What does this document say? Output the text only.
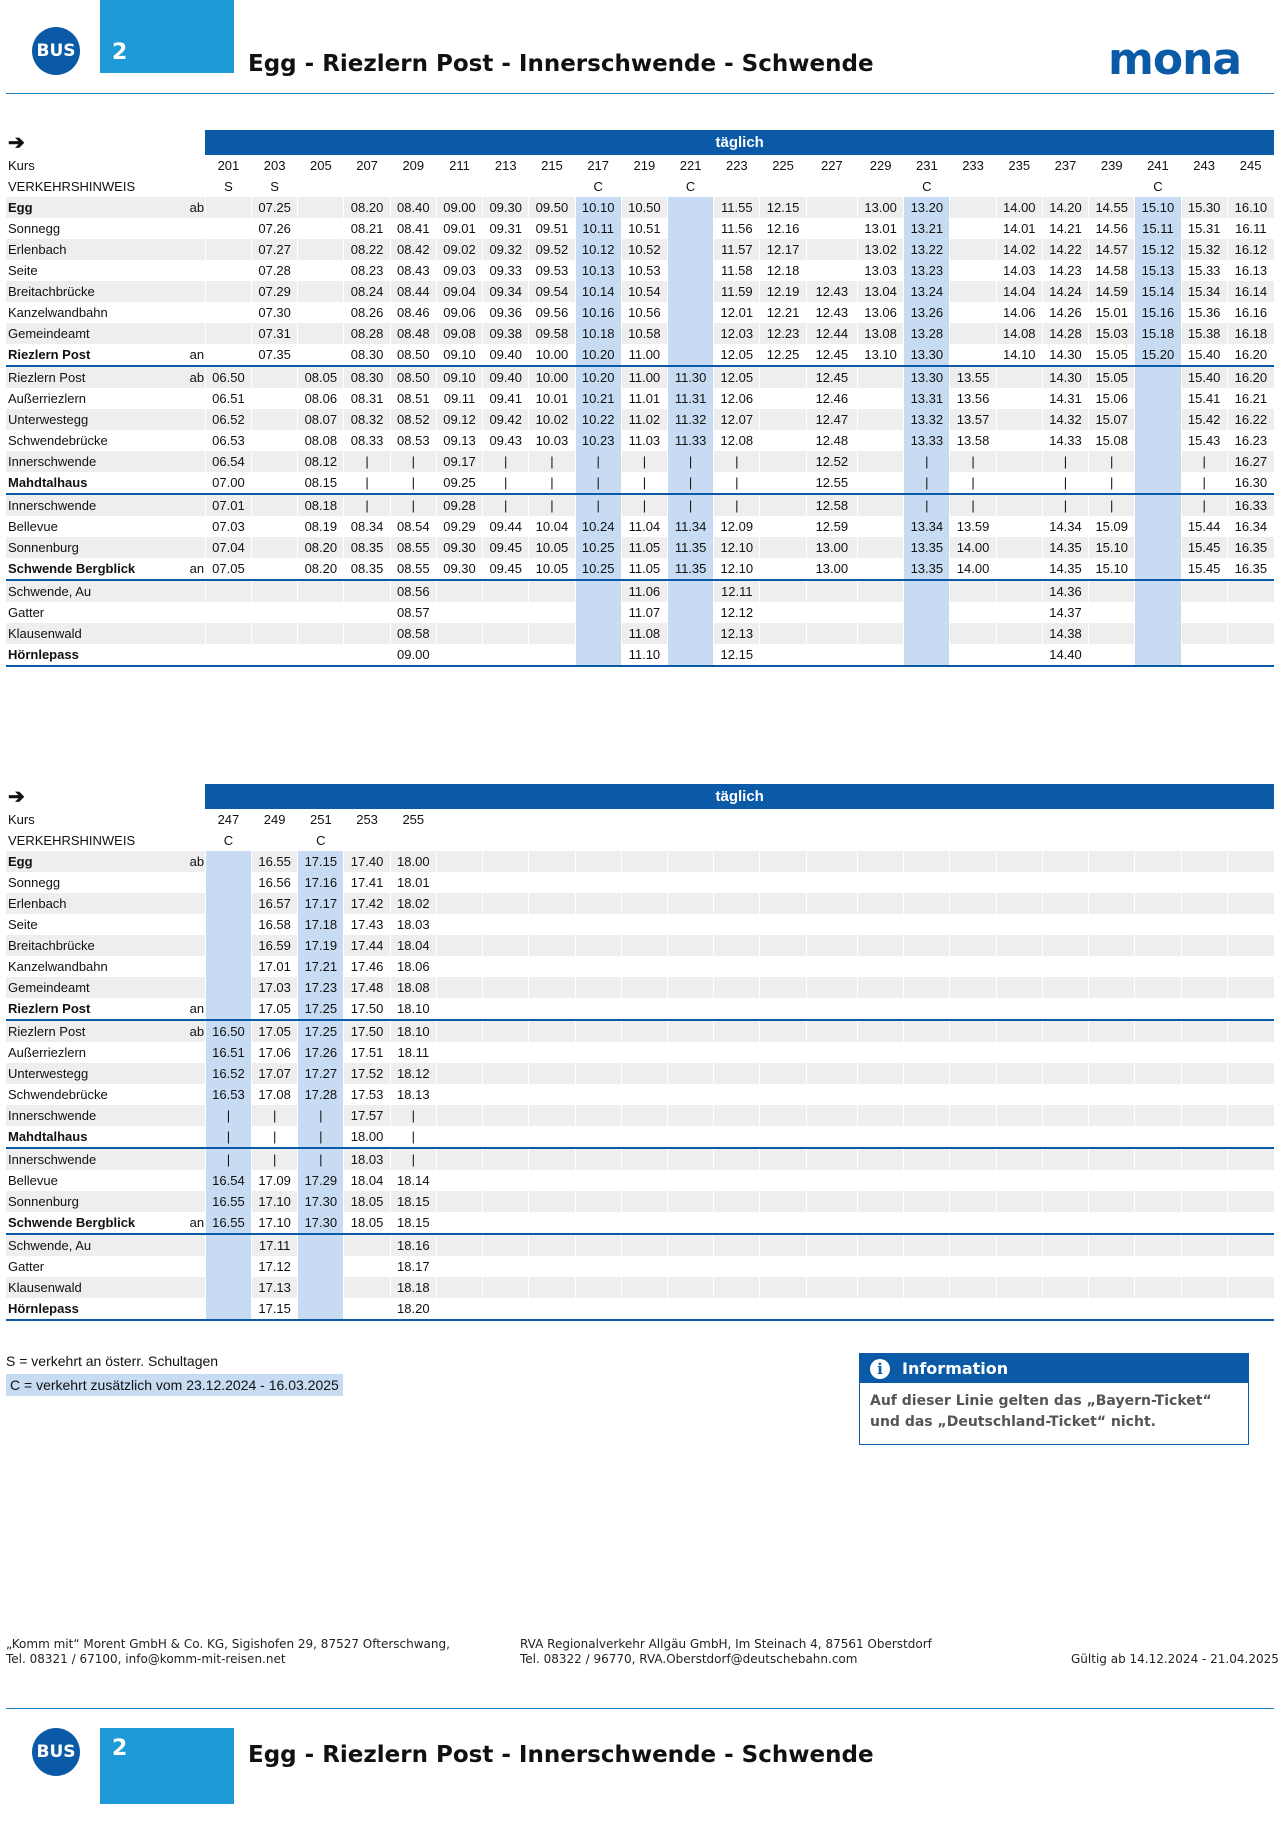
BUS 2	Egg - Riezlern Post - Innerschwende - Schwende	mona
➔		täglich																						
Kurs		201	203	205	207	209	211	213	215	217	219	221	223	225	227	229	231	233	235	237	239	241	243	245
VERKEHRSHINWEIS		S	S							C		C					C					C		
Egg	ab		07.25		08.20	08.40	09.00	09.30	09.50	10.10	10.50		11.55	12.15		13.00	13.20		14.00	14.20	14.55	15.10	15.30	16.10
Sonnegg			07.26		08.21	08.41	09.01	09.31	09.51	10.11	10.51		11.56	12.16		13.01	13.21		14.01	14.21	14.56	15.11	15.31	16.11
Erlenbach			07.27		08.22	08.42	09.02	09.32	09.52	10.12	10.52		11.57	12.17		13.02	13.22		14.02	14.22	14.57	15.12	15.32	16.12
Seite			07.28		08.23	08.43	09.03	09.33	09.53	10.13	10.53		11.58	12.18		13.03	13.23		14.03	14.23	14.58	15.13	15.33	16.13
Breitachbrücke			07.29		08.24	08.44	09.04	09.34	09.54	10.14	10.54		11.59	12.19	12.43	13.04	13.24		14.04	14.24	14.59	15.14	15.34	16.14
Kanzelwandbahn			07.30		08.26	08.46	09.06	09.36	09.56	10.16	10.56		12.01	12.21	12.43	13.06	13.26		14.06	14.26	15.01	15.16	15.36	16.16
Gemeindeamt			07.31		08.28	08.48	09.08	09.38	09.58	10.18	10.58		12.03	12.23	12.44	13.08	13.28		14.08	14.28	15.03	15.18	15.38	16.18
Riezlern Post	an		07.35		08.30	08.50	09.10	09.40	10.00	10.20	11.00		12.05	12.25	12.45	13.10	13.30		14.10	14.30	15.05	15.20	15.40	16.20
Riezlern Post	ab	06.50		08.05	08.30	08.50	09.10	09.40	10.00	10.20	11.00	11.30	12.05		12.45		13.30	13.55		14.30	15.05		15.40	16.20
Außerriezlern		06.51		08.06	08.31	08.51	09.11	09.41	10.01	10.21	11.01	11.31	12.06		12.46		13.31	13.56		14.31	15.06		15.41	16.21
Unterwestegg		06.52		08.07	08.32	08.52	09.12	09.42	10.02	10.22	11.02	11.32	12.07		12.47		13.32	13.57		14.32	15.07		15.42	16.22
Schwendebrücke		06.53		08.08	08.33	08.53	09.13	09.43	10.03	10.23	11.03	11.33	12.08		12.48		13.33	13.58		14.33	15.08		15.43	16.23
Innerschwende		06.54		08.12	|	|	09.17	|	|	|	|	|	|		12.52		|	|		|	|		|	16.27
Mahdtalhaus		07.00		08.15	|	|	09.25	|	|	|	|	|	|		12.55		|	|		|	|		|	16.30
Innerschwende		07.01		08.18	|	|	09.28	|	|	|	|	|	|		12.58		|	|		|	|		|	16.33
Bellevue		07.03		08.19	08.34	08.54	09.29	09.44	10.04	10.24	11.04	11.34	12.09		12.59		13.34	13.59		14.34	15.09		15.44	16.34
Sonnenburg		07.04		08.20	08.35	08.55	09.30	09.45	10.05	10.25	11.05	11.35	12.10		13.00		13.35	14.00		14.35	15.10		15.45	16.35
Schwende Bergblick	an	07.05		08.20	08.35	08.55	09.30	09.45	10.05	10.25	11.05	11.35	12.10		13.00		13.35	14.00		14.35	15.10		15.45	16.35
Schwende, Au						08.56					11.06		12.11							14.36				
Gatter						08.57					11.07		12.12							14.37				
Klausenwald						08.58					11.08		12.13							14.38				
Hörnlepass						09.00					11.10		12.15							14.40				
➔		täglich																						
Kurs		247	249	251	253	255																		
VERKEHRSHINWEIS		C		C																				
Egg	ab		16.55	17.15	17.40	18.00																		
Sonnegg			16.56	17.16	17.41	18.01																		
Erlenbach			16.57	17.17	17.42	18.02																		
Seite			16.58	17.18	17.43	18.03																		
Breitachbrücke			16.59	17.19	17.44	18.04																		
Kanzelwandbahn			17.01	17.21	17.46	18.06																		
Gemeindeamt			17.03	17.23	17.48	18.08																		
Riezlern Post	an		17.05	17.25	17.50	18.10																		
Riezlern Post	ab	16.50	17.05	17.25	17.50	18.10																		
Außerriezlern		16.51	17.06	17.26	17.51	18.11																		
Unterwestegg		16.52	17.07	17.27	17.52	18.12																		
Schwendebrücke		16.53	17.08	17.28	17.53	18.13																		
Innerschwende		|	|	|	17.57	|																		
Mahdtalhaus		|	|	|	18.00	|																		
Innerschwende		|	|	|	18.03	|																		
Bellevue		16.54	17.09	17.29	18.04	18.14																		
Sonnenburg		16.55	17.10	17.30	18.05	18.15																		
Schwende Bergblick	an	16.55	17.10	17.30	18.05	18.15																		
Schwende, Au			17.11			18.16																		
Gatter			17.12			18.17																		
Klausenwald			17.13			18.18																		
Hörnlepass			17.15			18.20																		
S = verkehrt an österr. Schultagen
C = verkehrt zusätzlich vom 23.12.2024 - 16.03.2025
i	Information
Auf dieser Linie gelten das „Bayern-Ticket“ und das „Deutschland-Ticket“ nicht.
„Komm mit“ Morent GmbH & Co. KG, Sigishofen 29, 87527 Ofterschwang,
Tel. 08321 / 67100, info@komm-mit-reisen.net
RVA Regionalverkehr Allgäu GmbH, Im Steinach 4, 87561 Oberstdorf
Tel. 08322 / 96770, RVA.Oberstdorf@deutschebahn.com	Gültig ab 14.12.2024 - 21.04.2025
BUS 2	Egg - Riezlern Post - Innerschwende - Schwende
